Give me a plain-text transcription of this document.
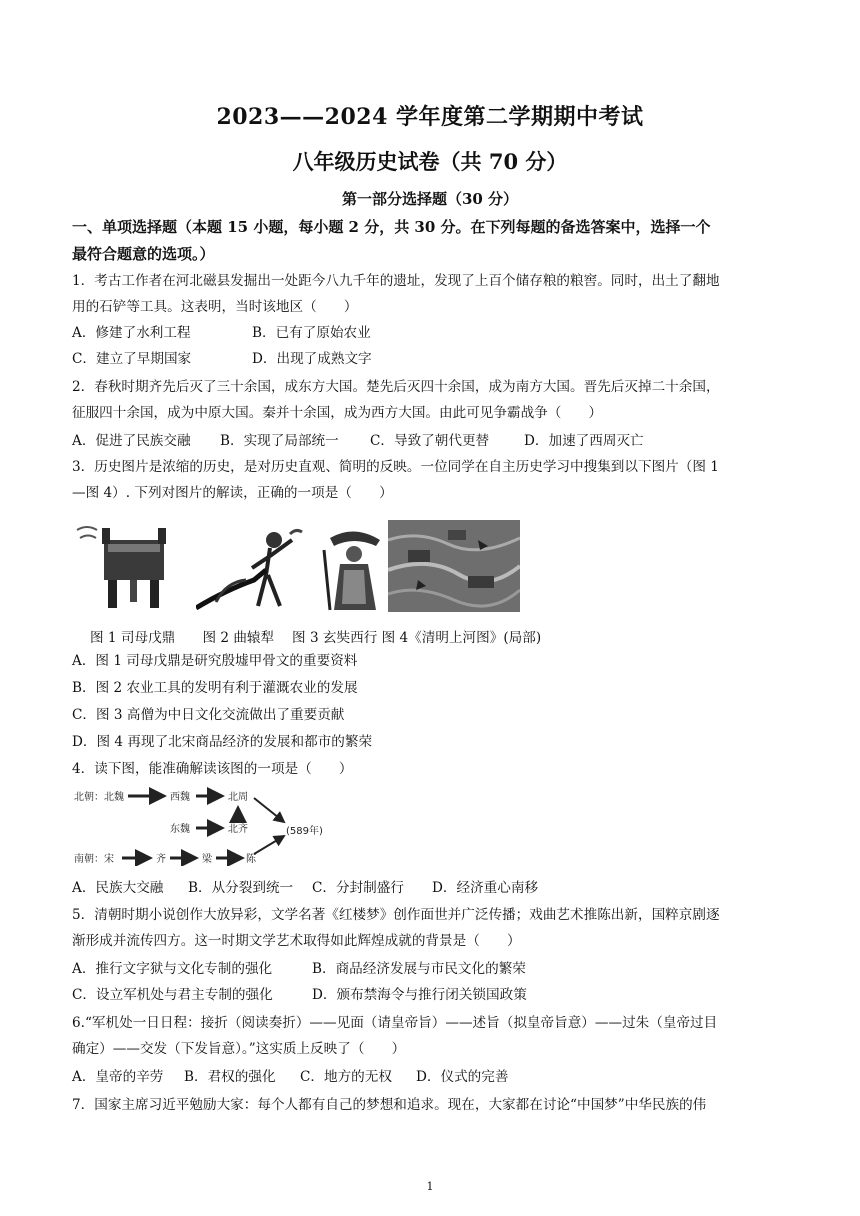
2023——2024 学年度第二学期期中考试
八年级历史试卷（共 70 分）
第一部分选择题（30 分）
一、单项选择题（本题 15 小题，每小题 2 分，共 30 分。在下列每题的备选答案中，选择一个
最符合题意的选项。）
1．考古工作者在河北磁县发掘出一处距今八九千年的遗址，发现了上百个储存粮的粮窖。同时，出土了翻地
用的石铲等工具。这表明，当时该地区（　　）
A．修建了水利工程	B．已有了原始农业
C．建立了早期国家	D．出现了成熟文字
2．春秋时期齐先后灭了三十余国，成东方大国。楚先后灭四十余国，成为南方大国。晋先后灭掉二十余国，
征服四十余国，成为中原大国。秦并十余国，成为西方大国。由此可见争霸战争（　　）
A．促进了民族交融 B．实现了局部统一 C．导致了朝代更替	D．加速了西周灭亡
3．历史图片是浓缩的历史，是对历史直观、简明的反映。一位同学在自主历史学习中搜集到以下图片（图 1
—图 4）. 下列对图片的解读，正确的一项是（　　）
图 1 司母戊鼎　　图 2 曲辕犁　 图 3 玄奘西行 图 4《清明上河图》(局部)
A．图 1 司母戊鼎是研究殷墟甲骨文的重要资料
B．图 2 农业工具的发明有利于灌溉农业的发展
C．图 3 高僧为中日文化交流做出了重要贡献
D．图 4 再现了北宋商品经济的发展和都市的繁荣
4．读下图，能准确解读该图的一项是（　　）
北朝：北魏	西魏	北周
东魏	北齐	(589年)
南朝：宋	齐	梁	陈
A．民族大交融 B．从分裂到统一 C．分封制盛行 D．经济重心南移
5．清朝时期小说创作大放异彩，文学名著《红楼梦》创作面世并广泛传播；戏曲艺术推陈出新，国粹京剧逐
渐形成并流传四方。这一时期文学艺术取得如此辉煌成就的背景是（　　）
A．推行文字狱与文化专制的强化	B．商品经济发展与市民文化的繁荣
C．设立军机处与君主专制的强化	D．颁布禁海令与推行闭关锁国政策
6.“军机处一日日程：接折（阅读奏折）——见面（请皇帝旨）——述旨（拟皇帝旨意）——过朱（皇帝过目
确定）——交发（下发旨意）。”这实质上反映了（　　）
A．皇帝的辛劳 B．君权的强化 C．地方的无权 D．仪式的完善
7．国家主席习近平勉励大家：每个人都有自己的梦想和追求。现在，大家都在讨论“中国梦”中华民族的伟
1
